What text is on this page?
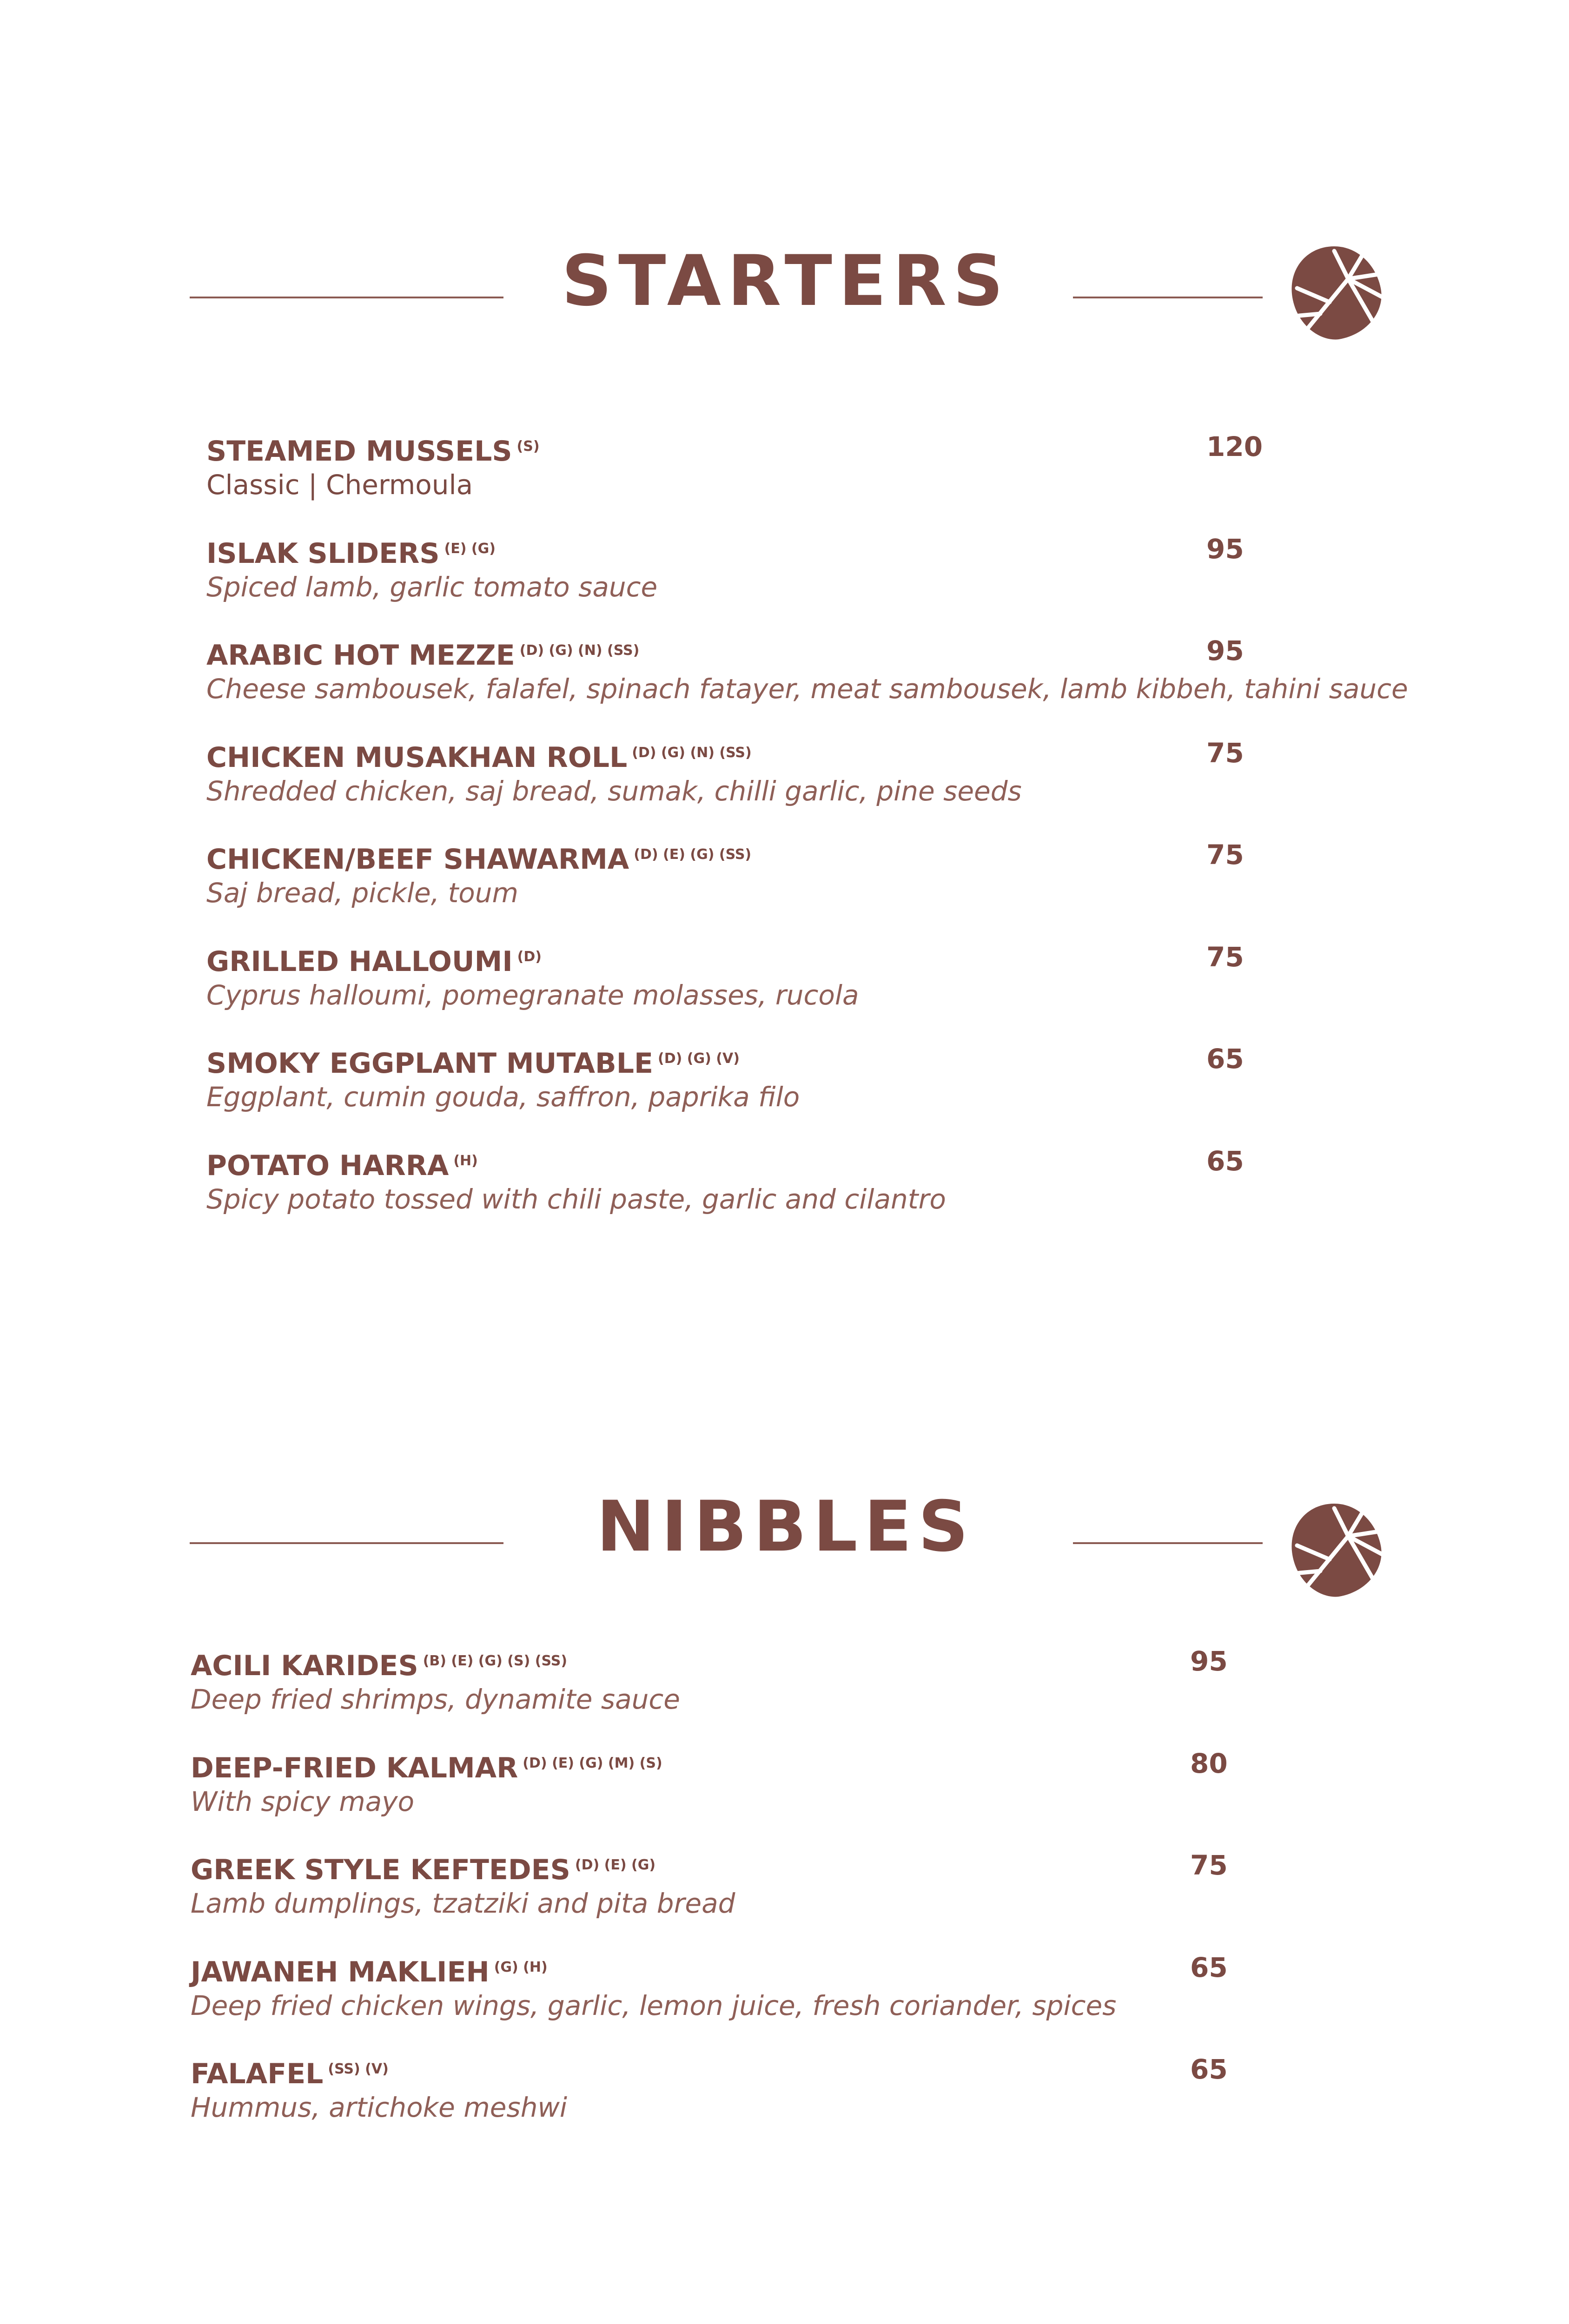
STARTERS
STEAMED MUSSELS $^{(S)}$
Classic | Chermoula
120
ISLAK SLIDERS $^{(E) (G)}$
Spiced lamb, garlic tomato sauce
95
ARABIC HOT MEZZE $^{(D) (G) (N) (SS)}$
Cheese sambousek, falafel, spinach fatayer, meat sambousek, lamb kibbeh, tahini sauce
95
CHICKEN MUSAKHAN ROLL $^{(D) (G) (N) (SS)}$
Shredded chicken, saj bread, sumak, chilli garlic, pine seeds
75
CHICKEN/BEEF SHAWARMA $^{(D) (E) (G) (SS)}$
Saj bread, pickle, toum
75
GRILLED HALLOUMI $^{(D)}$
Cyprus halloumi, pomegranate molasses, rucola
75
SMOKY EGGPLANT MUTABLE $^{(D) (G) (V)}$
Eggplant, cumin gouda, saffron, paprika filo
65
POTATO HARRA $^{(H)}$
Spicy potato tossed with chili paste, garlic and cilantro
65
NIBBLES
ACILI KARIDES $^{(B) (E) (G) (S) (SS)}$
Deep fried shrimps, dynamite sauce
95
DEEP-FRIED KALMAR $^{(D) (E) (G) (M) (S)}$
With spicy mayo
80
GREEK STYLE KEFTEDES $^{(D) (E) (G)}$
Lamb dumplings, tzatziki and pita bread
75
JAWANEH MAKLIEH $^{(G) (H)}$
Deep fried chicken wings, garlic, lemon juice, fresh coriander, spices
65
FALAFEL $^{(SS) (V)}$
Hummus, artichoke meshwi
65
